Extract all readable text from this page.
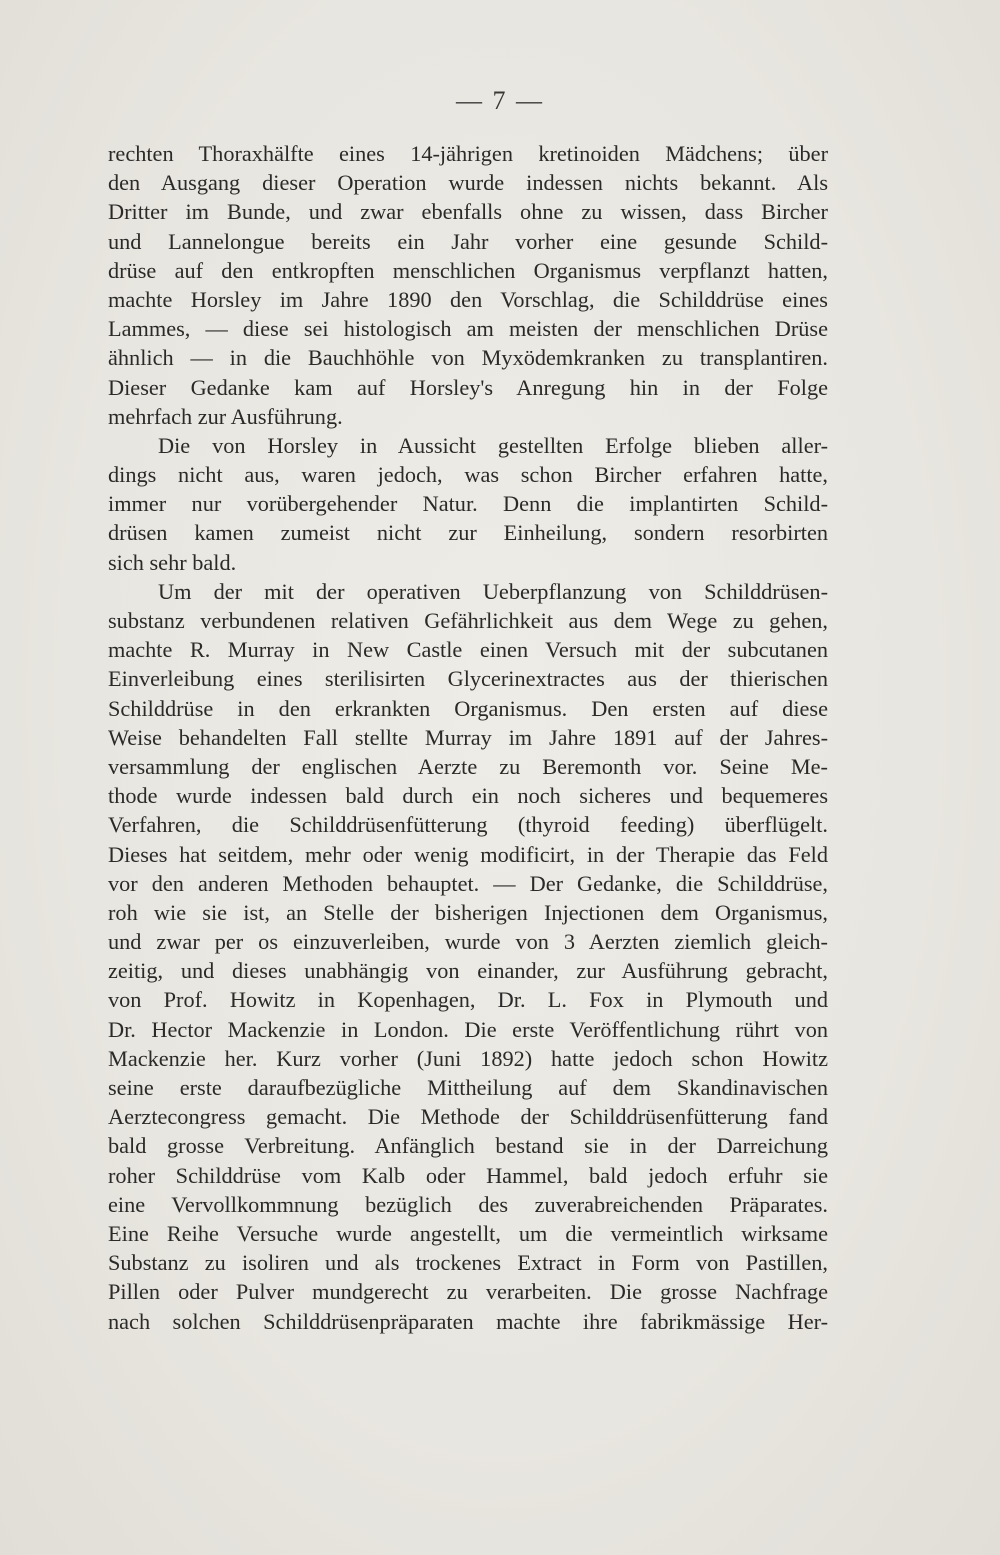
— 7 —
rechten Thoraxhälfte eines 14-jährigen kretinoiden Mädchens; über
den Ausgang dieser Operation wurde indessen nichts bekannt. Als
Dritter im Bunde, und zwar ebenfalls ohne zu wissen, dass Bircher
und Lannelongue bereits ein Jahr vorher eine gesunde Schild-
drüse auf den entkropften menschlichen Organismus verpflanzt hatten,
machte Horsley im Jahre 1890 den Vorschlag, die Schilddrüse eines
Lammes, — diese sei histologisch am meisten der menschlichen Drüse
ähnlich — in die Bauchhöhle von Myxödemkranken zu transplantiren.
Dieser Gedanke kam auf Horsley's Anregung hin in der Folge
mehrfach zur Ausführung.
Die von Horsley in Aussicht gestellten Erfolge blieben aller-
dings nicht aus, waren jedoch, was schon Bircher erfahren hatte,
immer nur vorübergehender Natur. Denn die implantirten Schild-
drüsen kamen zumeist nicht zur Einheilung, sondern resorbirten
sich sehr bald.
Um der mit der operativen Ueberpflanzung von Schilddrüsen-
substanz verbundenen relativen Gefährlichkeit aus dem Wege zu gehen,
machte R. Murray in New Castle einen Versuch mit der subcutanen
Einverleibung eines sterilisirten Glycerinextractes aus der thierischen
Schilddrüse in den erkrankten Organismus. Den ersten auf diese
Weise behandelten Fall stellte Murray im Jahre 1891 auf der Jahres-
versammlung der englischen Aerzte zu Beremonth vor. Seine Me-
thode wurde indessen bald durch ein noch sicheres und bequemeres
Verfahren, die Schilddrüsenfütterung (thyroid feeding) überflügelt.
Dieses hat seitdem, mehr oder wenig modificirt, in der Therapie das Feld
vor den anderen Methoden behauptet. — Der Gedanke, die Schilddrüse,
roh wie sie ist, an Stelle der bisherigen Injectionen dem Organismus,
und zwar per os einzuverleiben, wurde von 3 Aerzten ziemlich gleich-
zeitig, und dieses unabhängig von einander, zur Ausführung gebracht,
von Prof. Howitz in Kopenhagen, Dr. L. Fox in Plymouth und
Dr. Hector Mackenzie in London. Die erste Veröffentlichung rührt von
Mackenzie her. Kurz vorher (Juni 1892) hatte jedoch schon Howitz
seine erste daraufbezügliche Mittheilung auf dem Skandinavischen
Aerztecongress gemacht. Die Methode der Schilddrüsenfütterung fand
bald grosse Verbreitung. Anfänglich bestand sie in der Darreichung
roher Schilddrüse vom Kalb oder Hammel, bald jedoch erfuhr sie
eine Vervollkommnung bezüglich des zuverabreichenden Präparates.
Eine Reihe Versuche wurde angestellt, um die vermeintlich wirksame
Substanz zu isoliren und als trockenes Extract in Form von Pastillen,
Pillen oder Pulver mundgerecht zu verarbeiten. Die grosse Nachfrage
nach solchen Schilddrüsenpräparaten machte ihre fabrikmässige Her-
